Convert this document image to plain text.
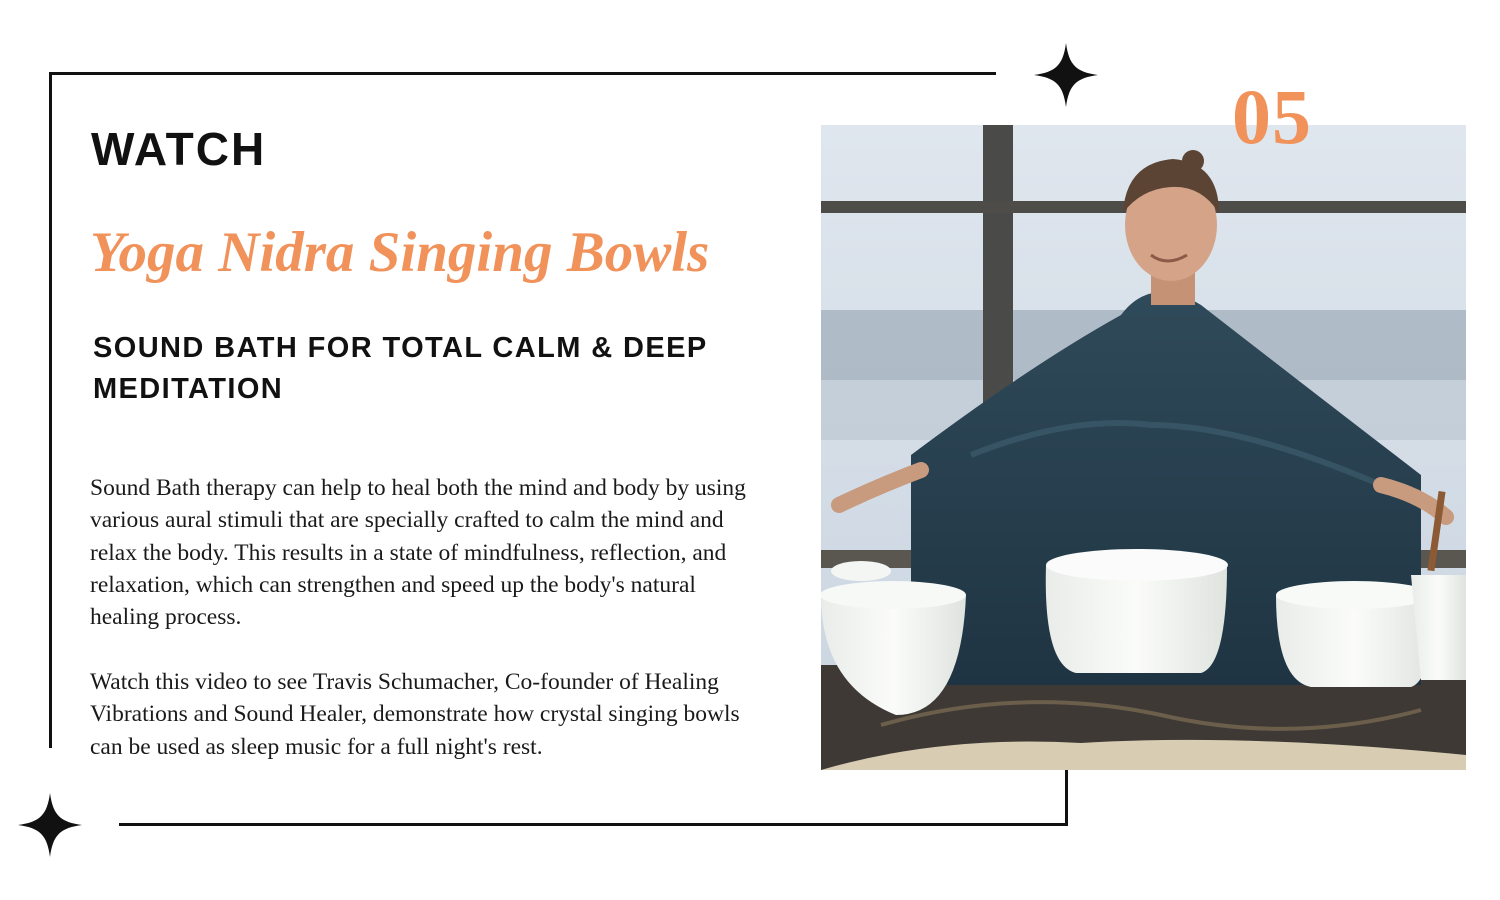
WATCH
Yoga Nidra Singing Bowls
SOUND BATH FOR TOTAL CALM & DEEP MEDITATION

Sound Bath therapy can help to heal both the mind and body by using various aural stimuli that are specially crafted to calm the mind and relax the body. This results in a state of mindfulness, reflection, and relaxation, which can strengthen and speed up the body's natural healing process.

Watch this video to see Travis Schumacher, Co-founder of Healing Vibrations and Sound Healer, demonstrate how crystal singing bowls can be used as sleep music for a full night's rest.

05
